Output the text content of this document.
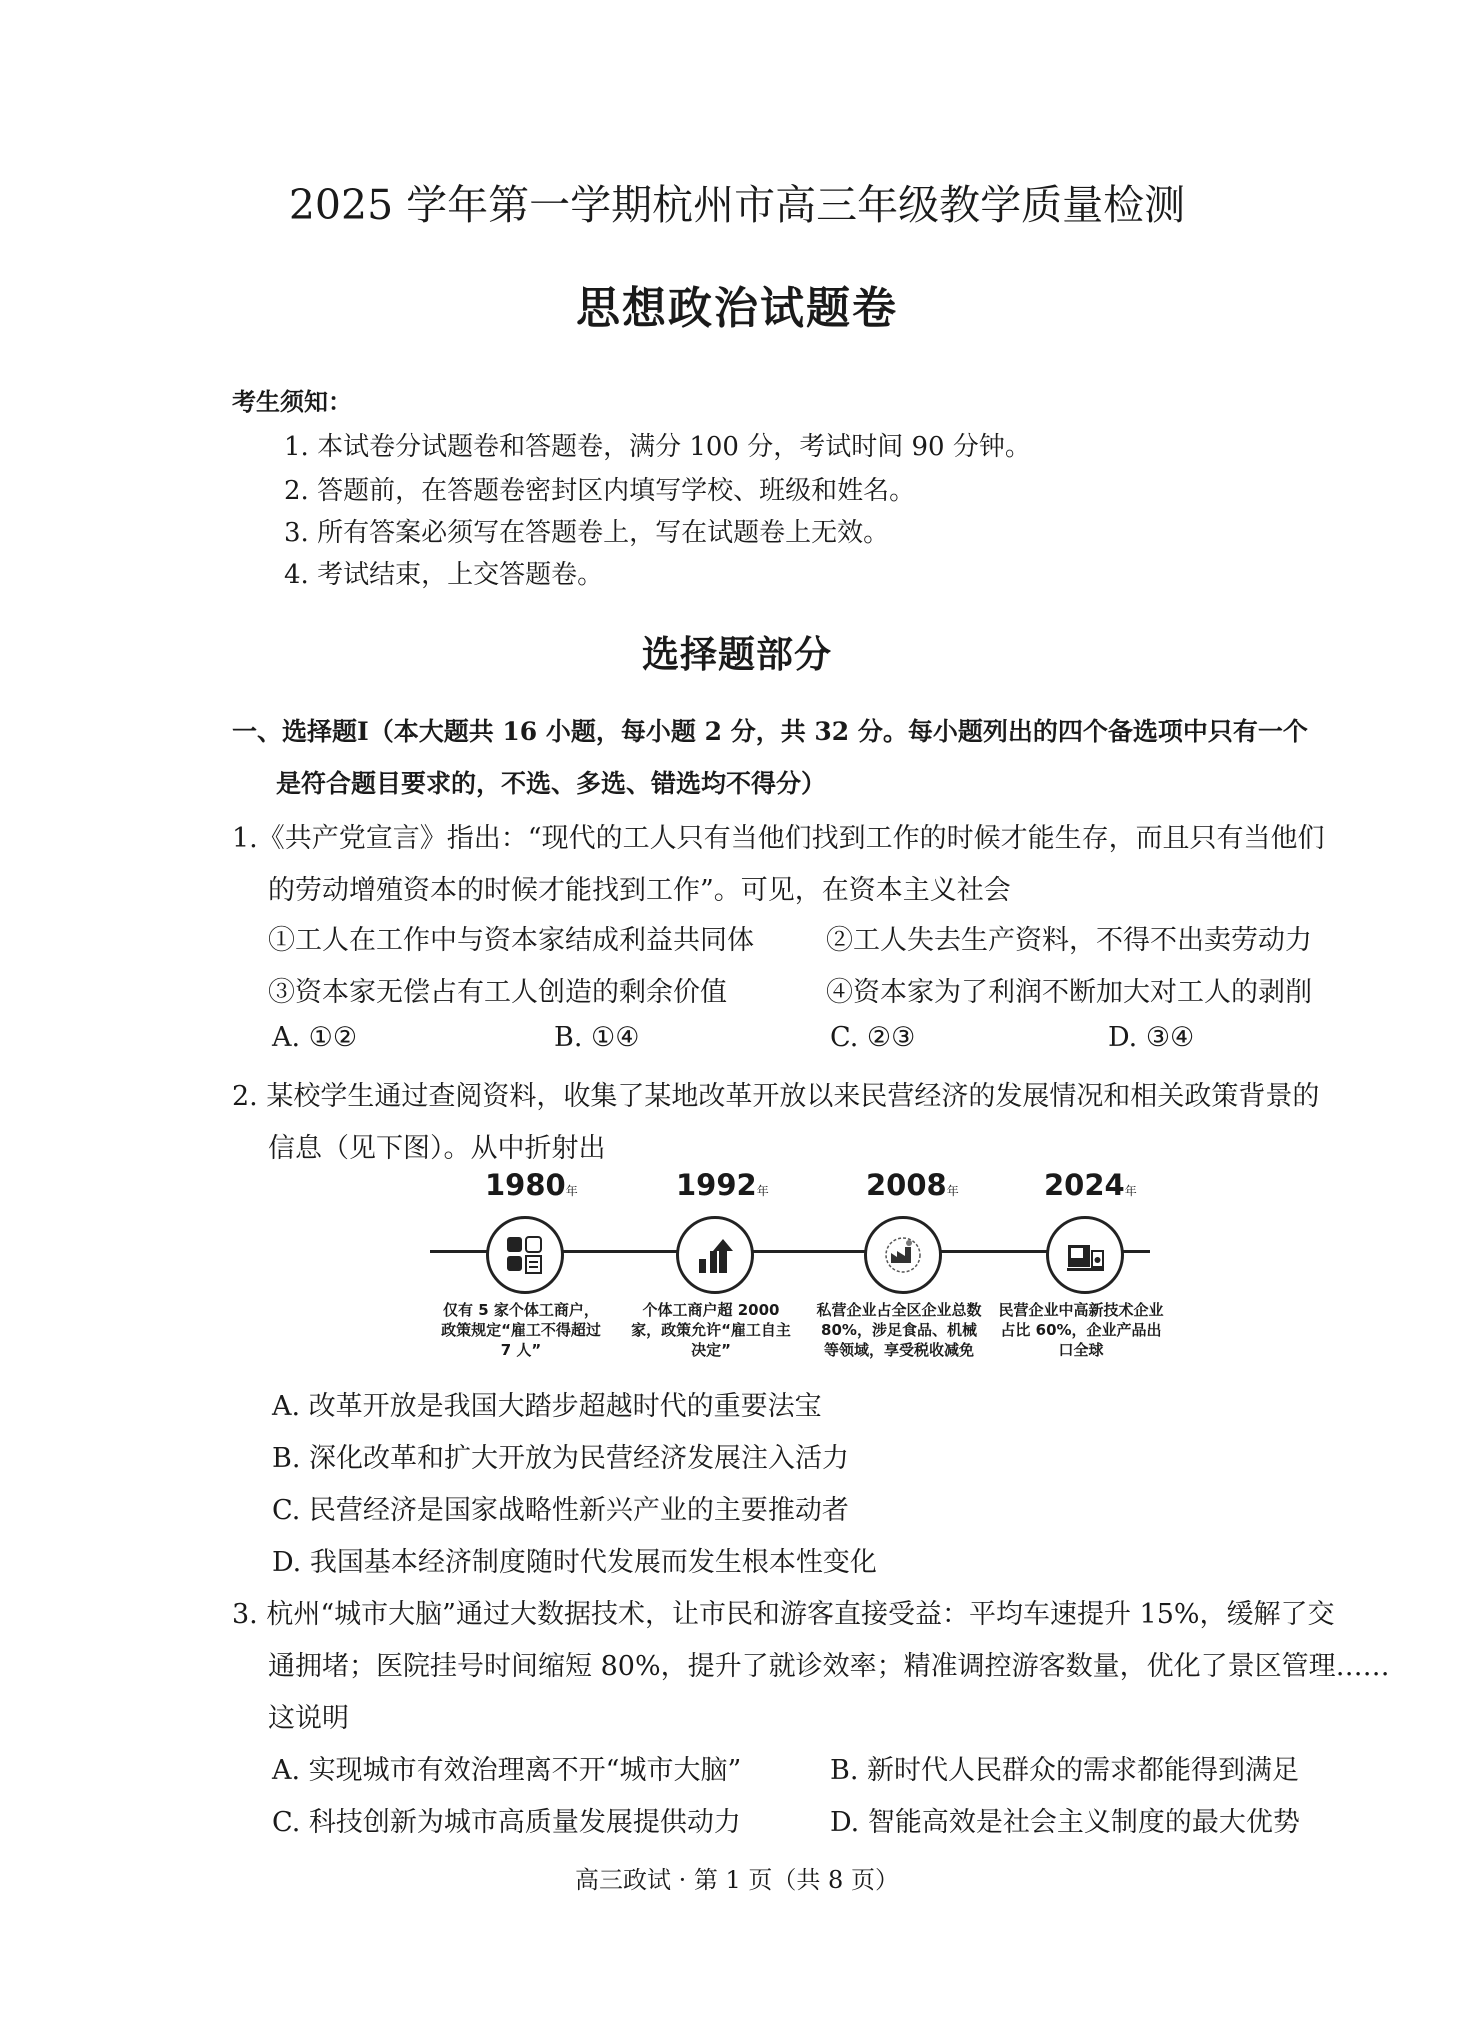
2025 学年第一学期杭州市高三年级教学质量检测
思想政治试题卷
考生须知：
1. 本试卷分试题卷和答题卷，满分 100 分，考试时间 90 分钟。
2. 答题前，在答题卷密封区内填写学校、班级和姓名。
3. 所有答案必须写在答题卷上，写在试题卷上无效。
4. 考试结束，上交答题卷。
选择题部分
一、选择题Ⅰ（本大题共 16 小题，每小题 2 分，共 32 分。每小题列出的四个备选项中只有一个
是符合题目要求的，不选、多选、错选均不得分）
1.《共产党宣言》指出：“现代的工人只有当他们找到工作的时候才能生存，而且只有当他们
的劳动增殖资本的时候才能找到工作”。可见，在资本主义社会
①工人在工作中与资本家结成利益共同体	②工人失去生产资料，不得不出卖劳动力
③资本家无偿占有工人创造的剩余价值	④资本家为了利润不断加大对工人的剥削
A. ①②	B. ①④	C. ②③	D. ③④
2. 某校学生通过查阅资料，收集了某地改革开放以来民营经济的发展情况和相关政策背景的
信息（见下图）。从中折射出
1980年
仅有 5 家个体工商户，政策规定“雇工不得超过 7 人”
1992年
个体工商户超 2000 家，政策允许“雇工自主决定”
2008年
私营企业占全区企业总数 80%，涉足食品、机械等领域，享受税收减免
2024年
民营企业中高新技术企业占比 60%，企业产品出口全球
A. 改革开放是我国大踏步超越时代的重要法宝
B. 深化改革和扩大开放为民营经济发展注入活力
C. 民营经济是国家战略性新兴产业的主要推动者
D. 我国基本经济制度随时代发展而发生根本性变化
3. 杭州“城市大脑”通过大数据技术，让市民和游客直接受益：平均车速提升 15%，缓解了交
通拥堵；医院挂号时间缩短 80%，提升了就诊效率；精准调控游客数量，优化了景区管理……
这说明
A. 实现城市有效治理离不开“城市大脑”	B. 新时代人民群众的需求都能得到满足
C. 科技创新为城市高质量发展提供动力	D. 智能高效是社会主义制度的最大优势
高三政试 · 第 1 页（共 8 页）
